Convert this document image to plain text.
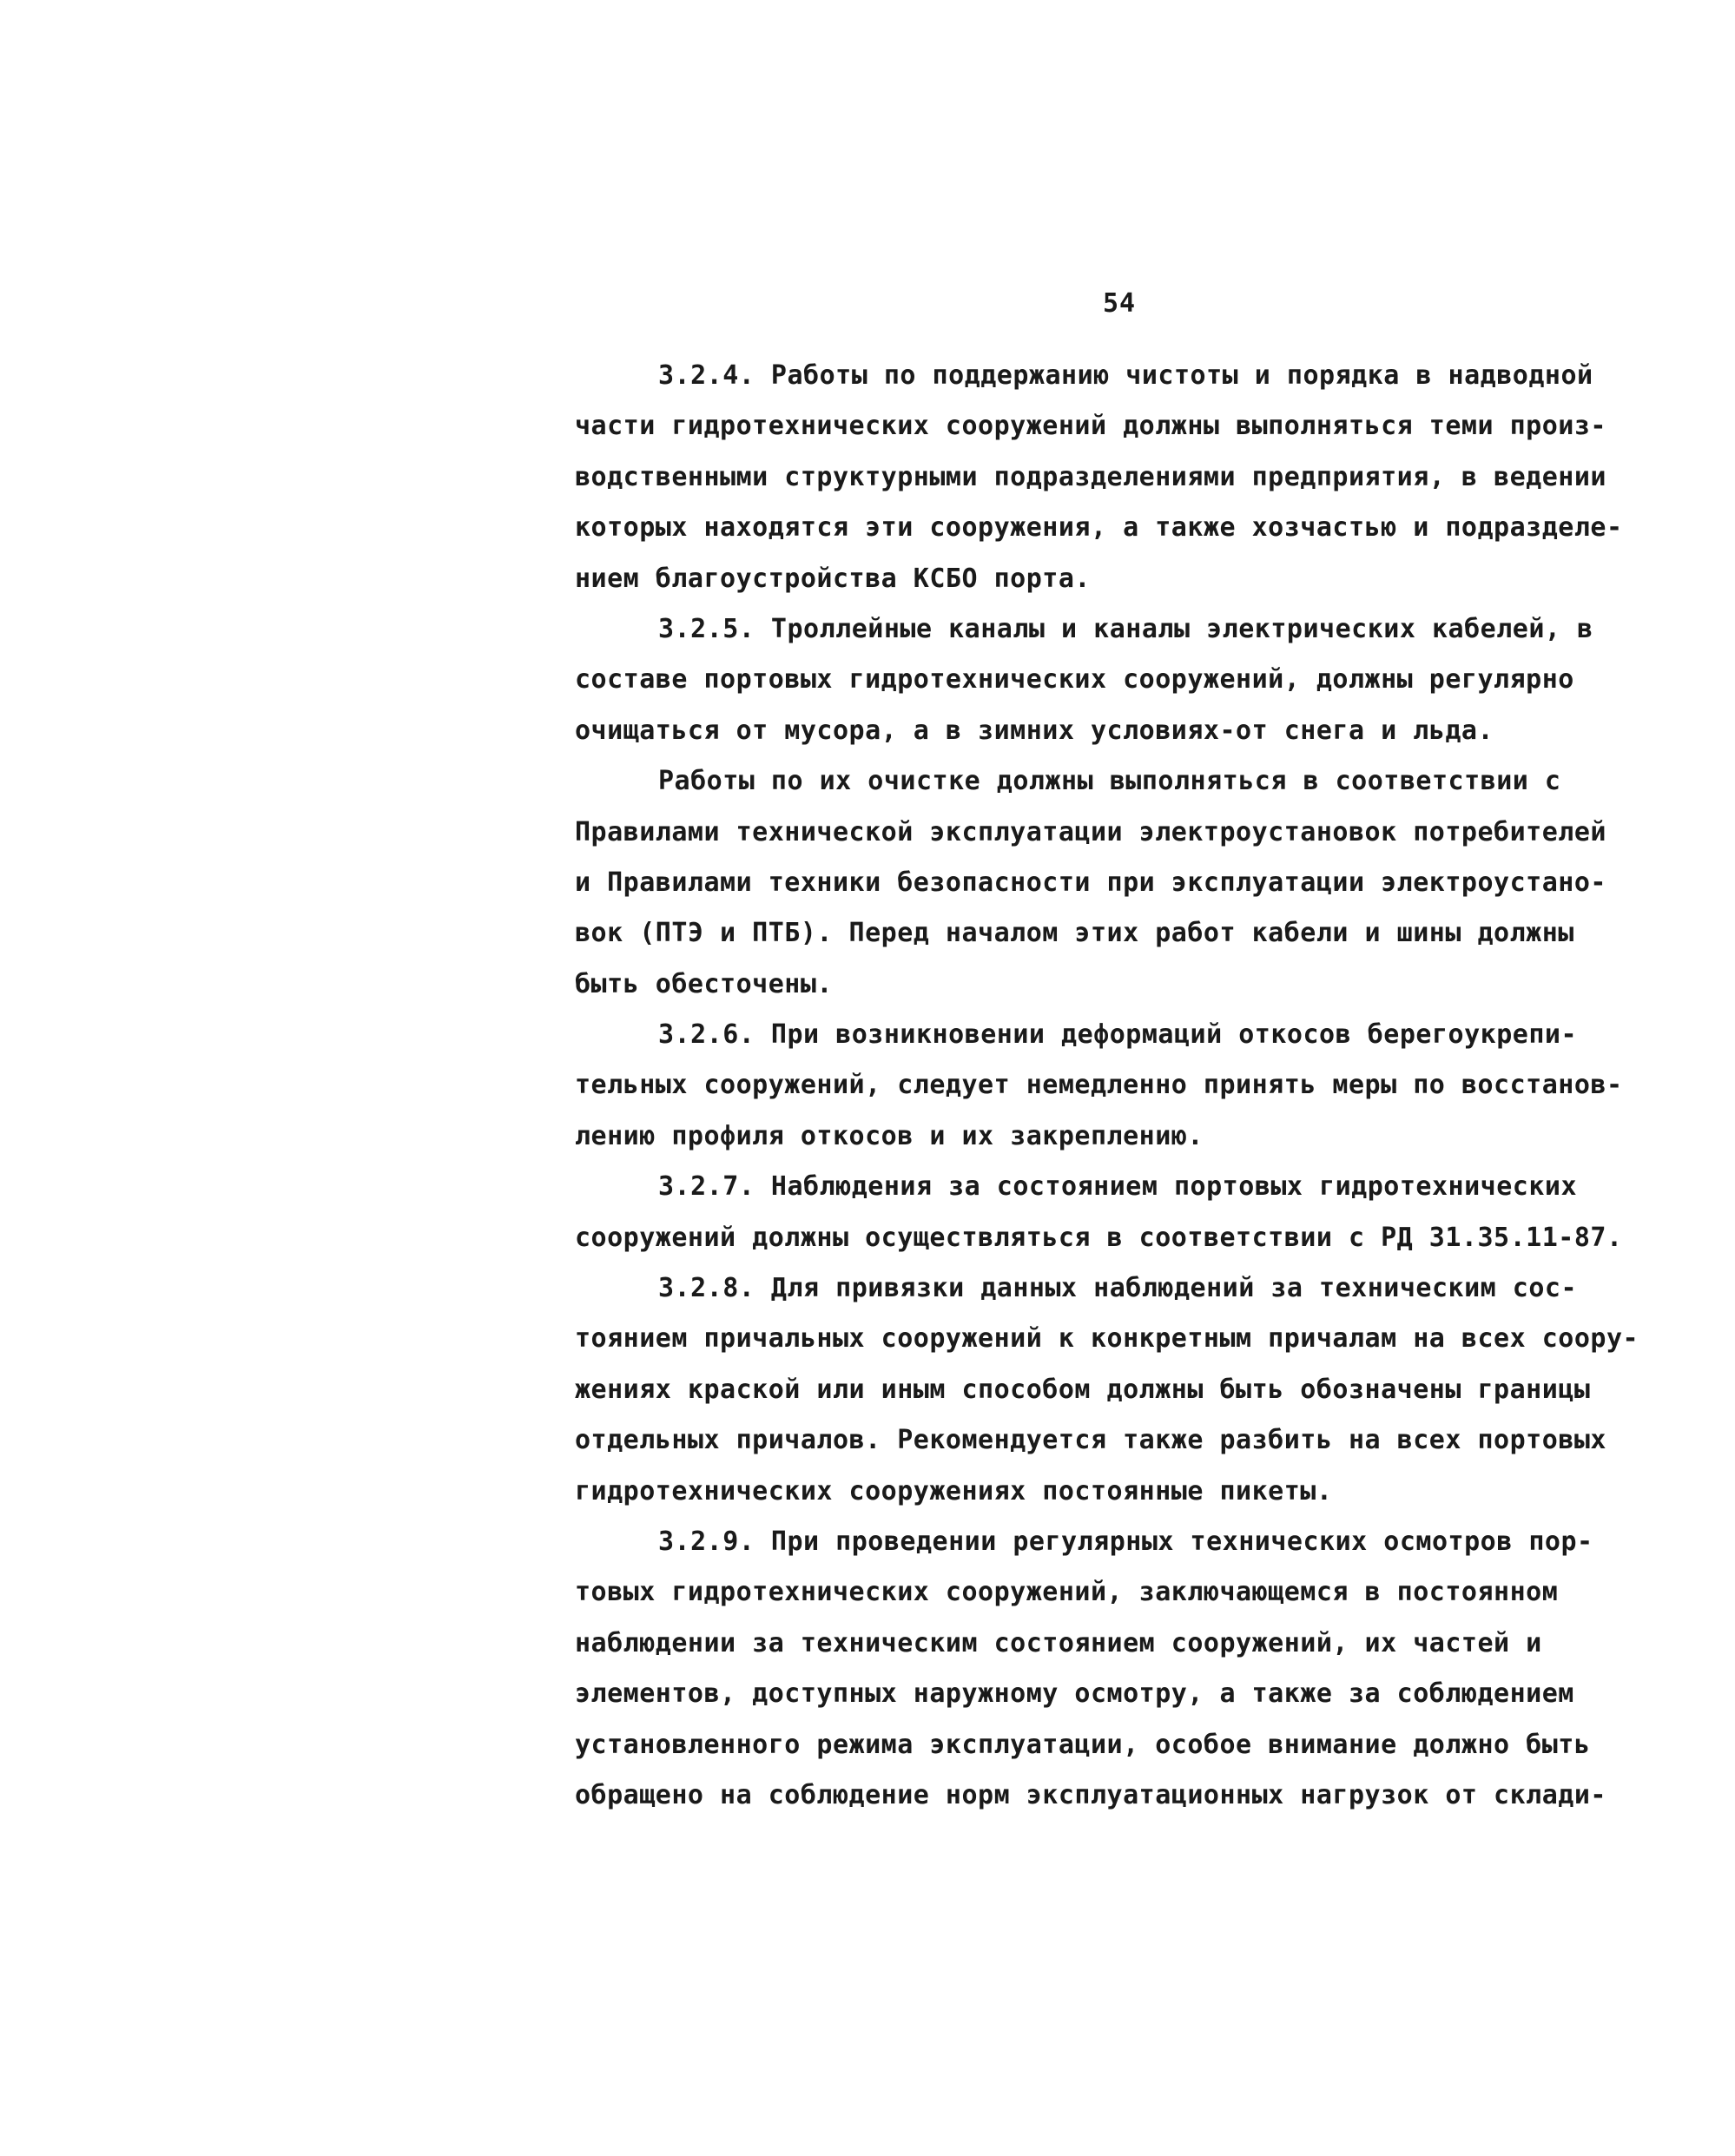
54
3.2.4. Работы по поддержанию чистоты и порядка в надводной
части гидротехнических сооружений должны выполняться теми произ-
водственными структурными подразделениями предприятия, в ведении
которых находятся эти сооружения, а также хозчастью и подразделе-
нием благоустройства КСБО порта.
3.2.5. Троллейные каналы и каналы электрических кабелей, в
составе портовых гидротехнических сооружений, должны регулярно
очищаться от мусора, а в зимних условиях-от снега и льда.
Работы по их очистке должны выполняться в соответствии с
Правилами технической эксплуатации электроустановок потребителей
и Правилами техники безопасности при эксплуатации электроустано-
вок (ПТЭ и ПТБ). Перед началом этих работ кабели и шины должны
быть обесточены.
3.2.6. При возникновении деформаций откосов берегоукрепи-
тельных сооружений, следует немедленно принять меры по восстанов-
лению профиля откосов и их закреплению.
3.2.7. Наблюдения за состоянием портовых гидротехнических
сооружений должны осуществляться в соответствии с РД 31.35.11-87.
3.2.8. Для привязки данных наблюдений за техническим сос-
тоянием причальных сооружений к конкретным причалам на всех соору-
жениях краской или иным способом должны быть обозначены границы
отдельных причалов. Рекомендуется также разбить на всех портовых
гидротехнических сооружениях постоянные пикеты.
3.2.9. При проведении регулярных технических осмотров пор-
товых гидротехнических сооружений, заключающемся в постоянном
наблюдении за техническим состоянием сооружений, их частей и
элементов, доступных наружному осмотру, а также за соблюдением
установленного режима эксплуатации, особое внимание должно быть
обращено на соблюдение норм эксплуатационных нагрузок от склади-
